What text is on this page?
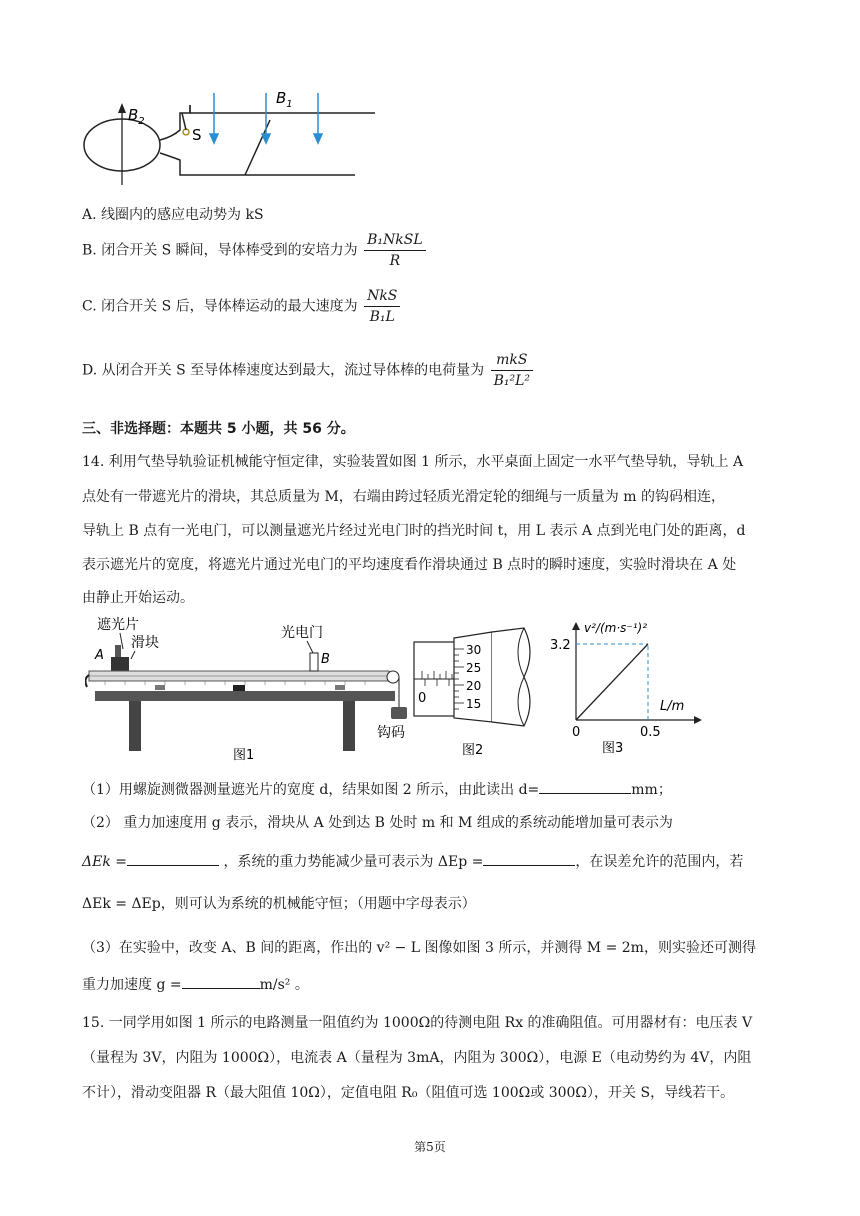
$B_2$
S
$B_1$
A. 线圈内的感应电动势为 kS
B. 闭合开关 S 瞬间，导体棒受到的安培力为 $\frac{\text{B₁NkSL}}{R}$
C. 闭合开关 S 后，导体棒运动的最大速度为 $\frac{\text{NkS}}{\text{B₁L}}$
D. 从闭合开关 S 至导体棒速度达到最大，流过导体棒的电荷量为 $\frac{\text{mkS}}{\text{B₁²L²}}$
三、非选择题：本题共 5 小题，共 56 分。
14. 利用气垫导轨验证机械能守恒定律，实验装置如图 1 所示，水平桌面上固定一水平气垫导轨，导轨上 A
点处有一带遮光片的滑块，其总质量为 M，右端由跨过轻质光滑定轮的细绳与一质量为 m 的钩码相连，
导轨上 B 点有一光电门，可以测量遮光片经过光电门时的挡光时间 t，用 L 表示 A 点到光电门处的距离，d
表示遮光片的宽度，将遮光片通过光电门的平均速度看作滑块通过 B 点时的瞬时速度，实验时滑块在 A 处
由静止开始运动。
遮光片
滑块
A
光电门
B
钩码
图1
0
30
25
20
15
图2
v²/(m·s⁻¹)²
L/m
3.2
0.5
0
图3
（1）用螺旋测微器测量遮光片的宽度 d，结果如图 2 所示，由此读出 d=	mm；
（2） 重力加速度用 g 表示，滑块从 A 处到达 B 处时 m 和 M 组成的系统动能增加量可表示为
ΔEk =	，系统的重力势能减少量可表示为 ΔEp =	，在误差允许的范围内，若
ΔEk = ΔEp，则可认为系统的机械能守恒；（用题中字母表示）
（3）在实验中，改变 A、B 间的距离，作出的 v² − L 图像如图 3 所示，并测得 M = 2m，则实验还可测得
重力加速度 g =	m/s² 。
15. 一同学用如图 1 所示的电路测量一阻值约为 1000Ω的待测电阻 Rx 的准确阻值。可用器材有：电压表 V
（量程为 3V，内阻为 1000Ω），电流表 A（量程为 3mA，内阻为 300Ω），电源 E（电动势约为 4V，内阻
不计），滑动变阻器 R（最大阻值 10Ω），定值电阻 R₀（阻值可选 100Ω或 300Ω），开关 S，导线若干。
第5页
